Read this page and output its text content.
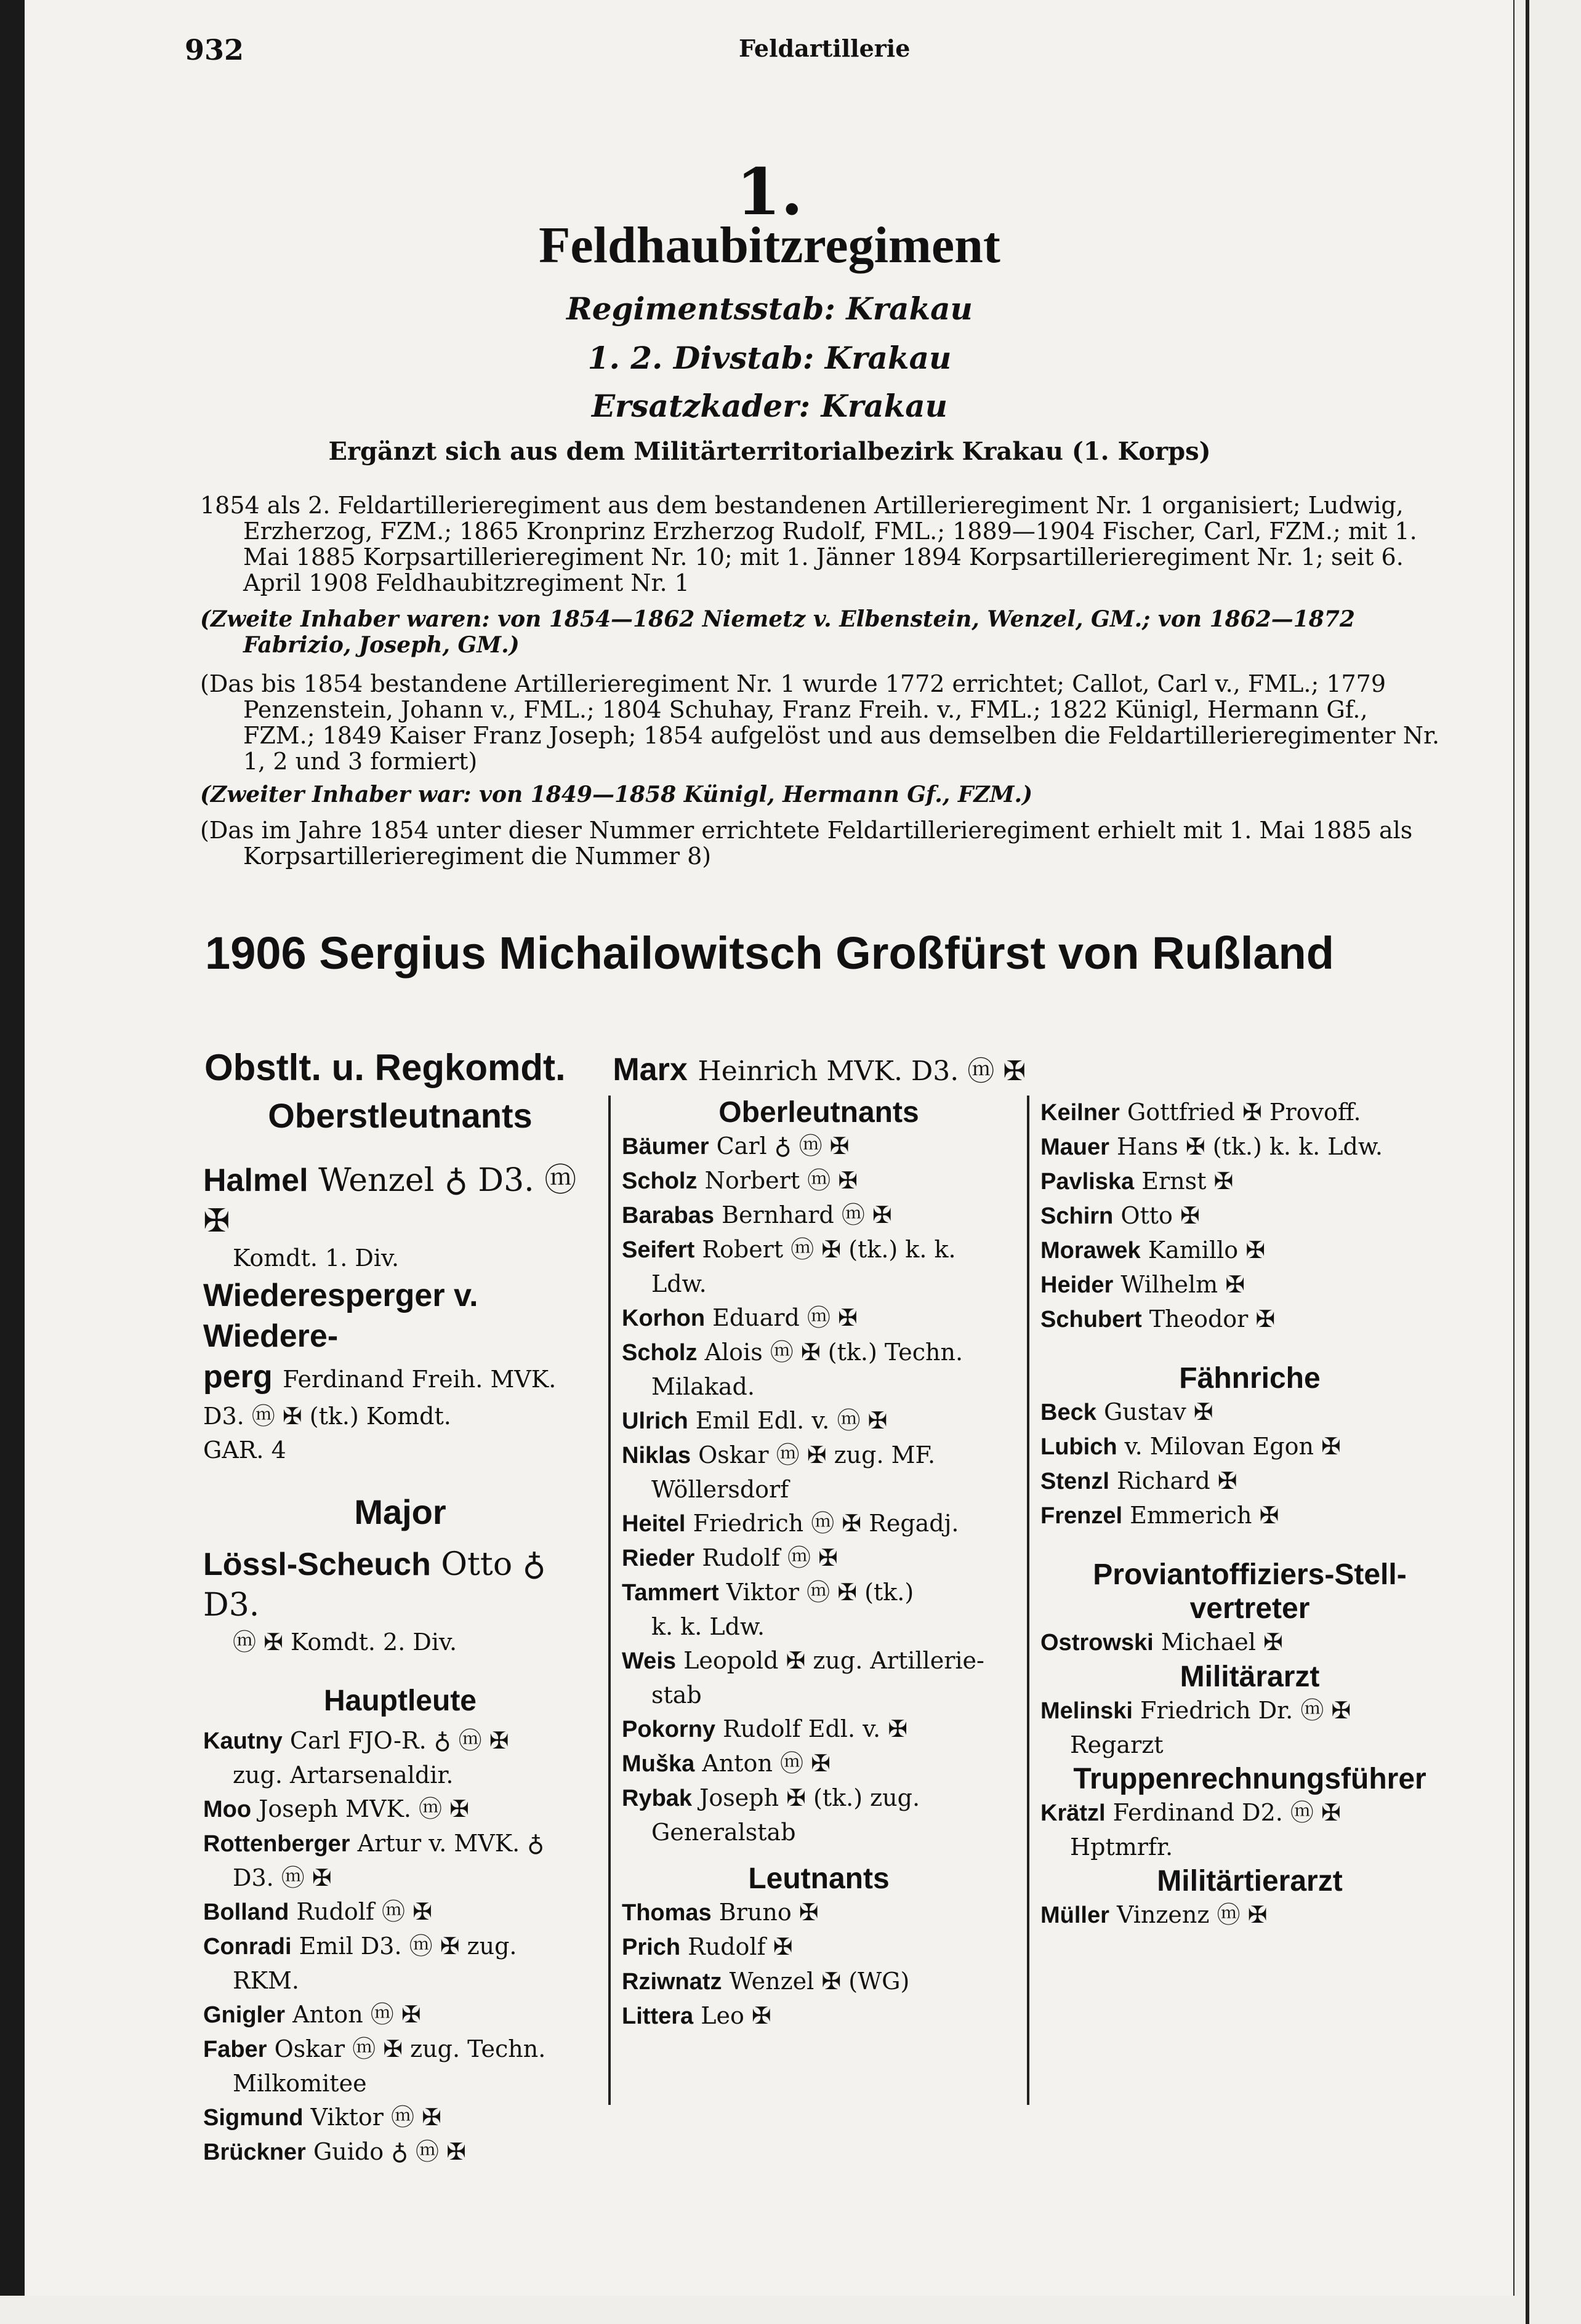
932	Feldartillerie
1.
Feldhaubitzregiment
Regimentsstab: Krakau
1. 2. Divstab: Krakau
Ersatzkader: Krakau
Ergänzt sich aus dem Militärterritorialbezirk Krakau (1. Korps)
1854 als 2. Feldartillerieregiment aus dem bestandenen Artillerieregiment Nr. 1 organisiert; Ludwig, Erzherzog, FZM.; 1865 Kronprinz Erzherzog Rudolf, FML.; 1889—1904 Fischer, Carl, FZM.; mit 1. Mai 1885 Korpsartillerieregiment Nr. 10; mit 1. Jänner 1894 Korpsartillerieregiment Nr. 1; seit 6. April 1908 Feldhaubitzregiment Nr. 1
(Zweite Inhaber waren: von 1854—1862 Niemetz v. Elbenstein, Wenzel, GM.; von 1862—1872 Fabrizio, Joseph, GM.)
(Das bis 1854 bestandene Artillerieregiment Nr. 1 wurde 1772 errichtet; Callot, Carl v., FML.; 1779 Penzenstein, Johann v., FML.; 1804 Schuhay, Franz Freih. v., FML.; 1822 Künigl, Hermann Gf., FZM.; 1849 Kaiser Franz Joseph; 1854 aufgelöst und aus demselben die Feldartillerieregimenter Nr. 1, 2 und 3 formiert)
(Zweiter Inhaber war: von 1849—1858 Künigl, Hermann Gf., FZM.)
(Das im Jahre 1854 unter dieser Nummer errichtete Feldartillerieregiment erhielt mit 1. Mai 1885 als Korpsartillerieregiment die Nummer 8)
1906 Sergius Michailowitsch Großfürst von Rußland
Obstlt. u. Regkomdt. Marx Heinrich MVK. D3. ⓜ ✠

Oberstleutnants

Halmel Wenzel ♁ D3. ⓜ ✠

Komdt. 1. Div.

Wiederesperger v. Wiedere-

perg Ferdinand Freih. MVK.

D3. ⓜ ✠ (tk.) Komdt.

GAR. 4

Major

Lössl-Scheuch Otto ♁ D3.

ⓜ ✠ Komdt. 2. Div.

Hauptleute

Kautny Carl FJO-R. ♁ ⓜ ✠

zug. Artarsenaldir.

Moo Joseph MVK. ⓜ ✠

Rottenberger Artur v. MVK. ♁

D3. ⓜ ✠

Bolland Rudolf ⓜ ✠

Conradi Emil D3. ⓜ ✠ zug.

RKM.

Gnigler Anton ⓜ ✠

Faber Oskar ⓜ ✠ zug. Techn.

Milkomitee

Sigmund Viktor ⓜ ✠

Brückner Guido ♁ ⓜ ✠

Oberleutnants

Bäumer Carl ♁ ⓜ ✠

Scholz Norbert ⓜ ✠

Barabas Bernhard ⓜ ✠

Seifert Robert ⓜ ✠ (tk.) k. k.

Ldw.

Korhon Eduard ⓜ ✠

Scholz Alois ⓜ ✠ (tk.) Techn.

Milakad.

Ulrich Emil Edl. v. ⓜ ✠

Niklas Oskar ⓜ ✠ zug. MF.

Wöllersdorf

Heitel Friedrich ⓜ ✠ Regadj.

Rieder Rudolf ⓜ ✠

Tammert Viktor ⓜ ✠ (tk.)

k. k. Ldw.

Weis Leopold ✠ zug. Artillerie-

stab

Pokorny Rudolf Edl. v. ✠

Muška Anton ⓜ ✠

Rybak Joseph ✠ (tk.) zug.

Generalstab

Leutnants

Thomas Bruno ✠

Prich Rudolf ✠

Rziwnatz Wenzel ✠ (WG)

Littera Leo ✠

Keilner Gottfried ✠ Provoff.

Mauer Hans ✠ (tk.) k. k. Ldw.

Pavliska Ernst ✠

Schirn Otto ✠

Morawek Kamillo ✠

Heider Wilhelm ✠

Schubert Theodor ✠

Fähnriche

Beck Gustav ✠

Lubich v. Milovan Egon ✠

Stenzl Richard ✠

Frenzel Emmerich ✠

Proviantoffiziers-Stell-

vertreter

Ostrowski Michael ✠

Militärarzt

Melinski Friedrich Dr. ⓜ ✠

Regarzt

Truppenrechnungsführer

Krätzl Ferdinand D2. ⓜ ✠

Hptmrfr.

Militärtierarzt

Müller Vinzenz ⓜ ✠
